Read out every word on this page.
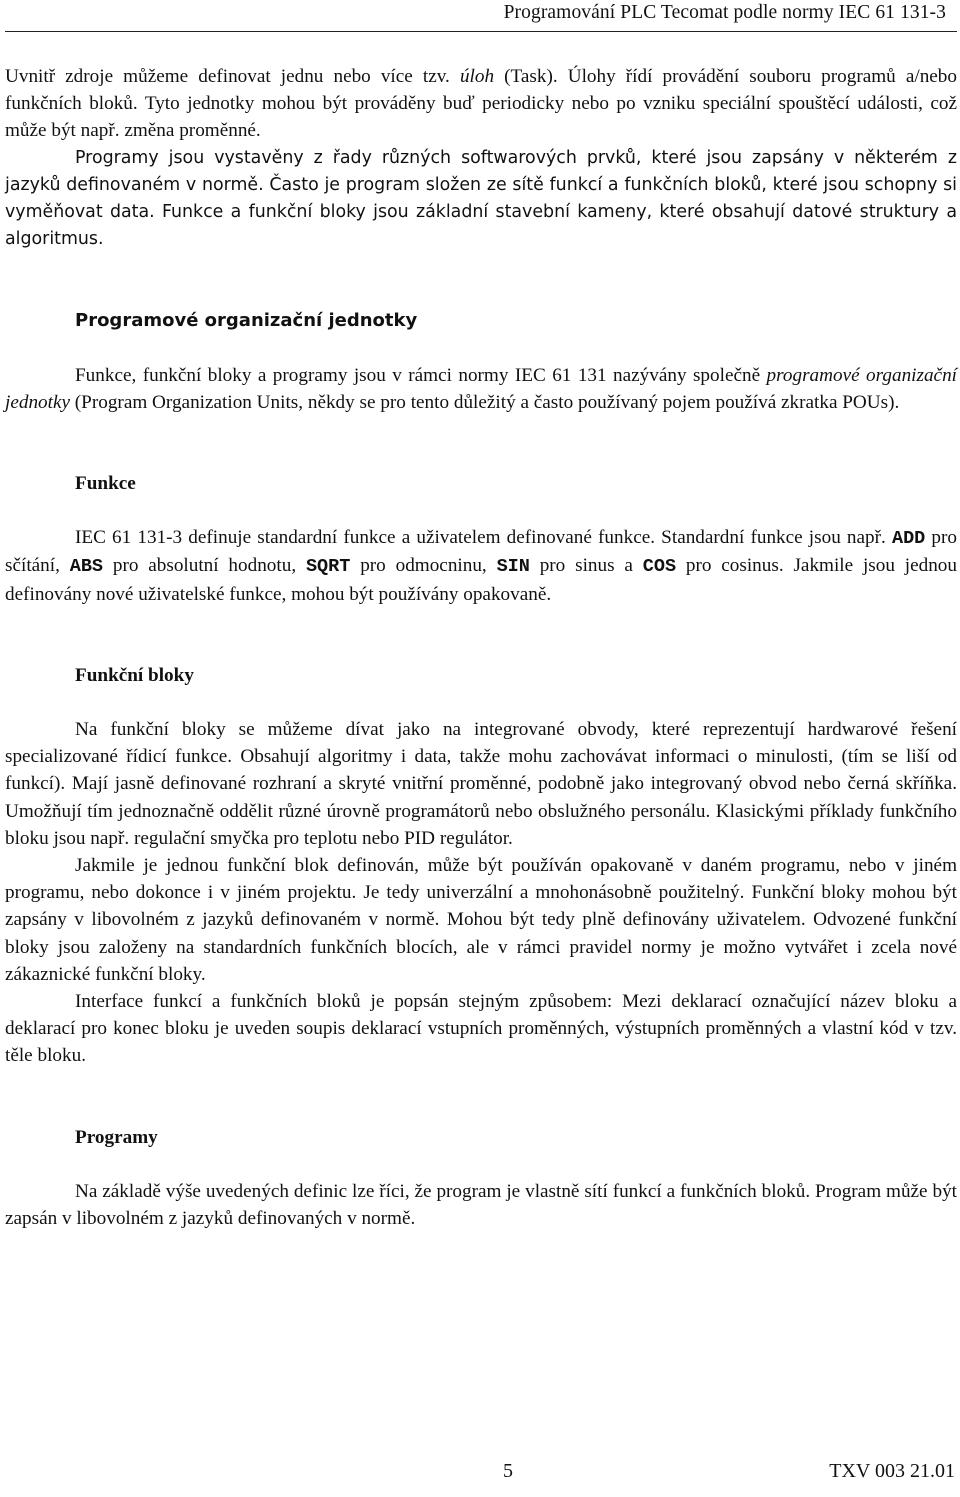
Programování PLC Tecomat podle normy IEC 61 131-3

Uvnitř zdroje můžeme definovat jednu nebo více tzv. úloh (Task). Úlohy řídí provádění souboru programů a/nebo funkčních bloků. Tyto jednotky mohou být prováděny buď periodicky nebo po vzniku speciální spouštěcí události, což může být např. změna proměnné.

Programy jsou vystavěny z řady různých softwarových prvků, které jsou zapsány v některém z jazyků definovaném v normě. Často je program složen ze sítě funkcí a funkčních bloků, které jsou schopny si vyměňovat data. Funkce a funkční bloky jsou základní stavební kameny, které obsahují datové struktury a algoritmus.

Programové organizační jednotky

Funkce, funkční bloky a programy jsou v rámci normy IEC 61 131 nazývány společně programové organizační jednotky (Program Organization Units, někdy se pro tento důležitý a často používaný pojem používá zkratka POUs).

Funkce

IEC 61 131-3 definuje standardní funkce a uživatelem definované funkce. Standardní funkce jsou např. ADD pro sčítání, ABS pro absolutní hodnotu, SQRT pro odmocninu, SIN pro sinus a COS pro cosinus. Jakmile jsou jednou definovány nové uživatelské funkce, mohou být používány opakovaně.

Funkční bloky

Na funkční bloky se můžeme dívat jako na integrované obvody, které reprezentují hardwarové řešení specializované řídicí funkce. Obsahují algoritmy i data, takže mohu zachovávat informaci o minulosti, (tím se liší od funkcí). Mají jasně definované rozhraní a skryté vnitřní proměnné, podobně jako integrovaný obvod nebo černá skříňka. Umožňují tím jednoznačně oddělit různé úrovně programátorů nebo obslužného personálu. Klasickými příklady funkčního bloku jsou např. regulační smyčka pro teplotu nebo PID regulátor.

Jakmile je jednou funkční blok definován, může být používán opakovaně v daném programu, nebo v jiném programu, nebo dokonce i v jiném projektu. Je tedy univerzální a mnohonásobně použitelný. Funkční bloky mohou být zapsány v libovolném z jazyků definovaném v normě. Mohou být tedy plně definovány uživatelem. Odvozené funkční bloky jsou založeny na standardních funkčních blocích, ale v rámci pravidel normy je možno vytvářet i zcela nové zákaznické funkční bloky.

Interface funkcí a funkčních bloků je popsán stejným způsobem: Mezi deklarací označující název bloku a deklarací pro konec bloku je uveden soupis deklarací vstupních proměnných, výstupních proměnných a vlastní kód v tzv. těle bloku.

Programy

Na základě výše uvedených definic lze říci, že program je vlastně sítí funkcí a funkčních bloků. Program může být zapsán v libovolném z jazyků definovaných v normě.

5	TXV 003 21.01
